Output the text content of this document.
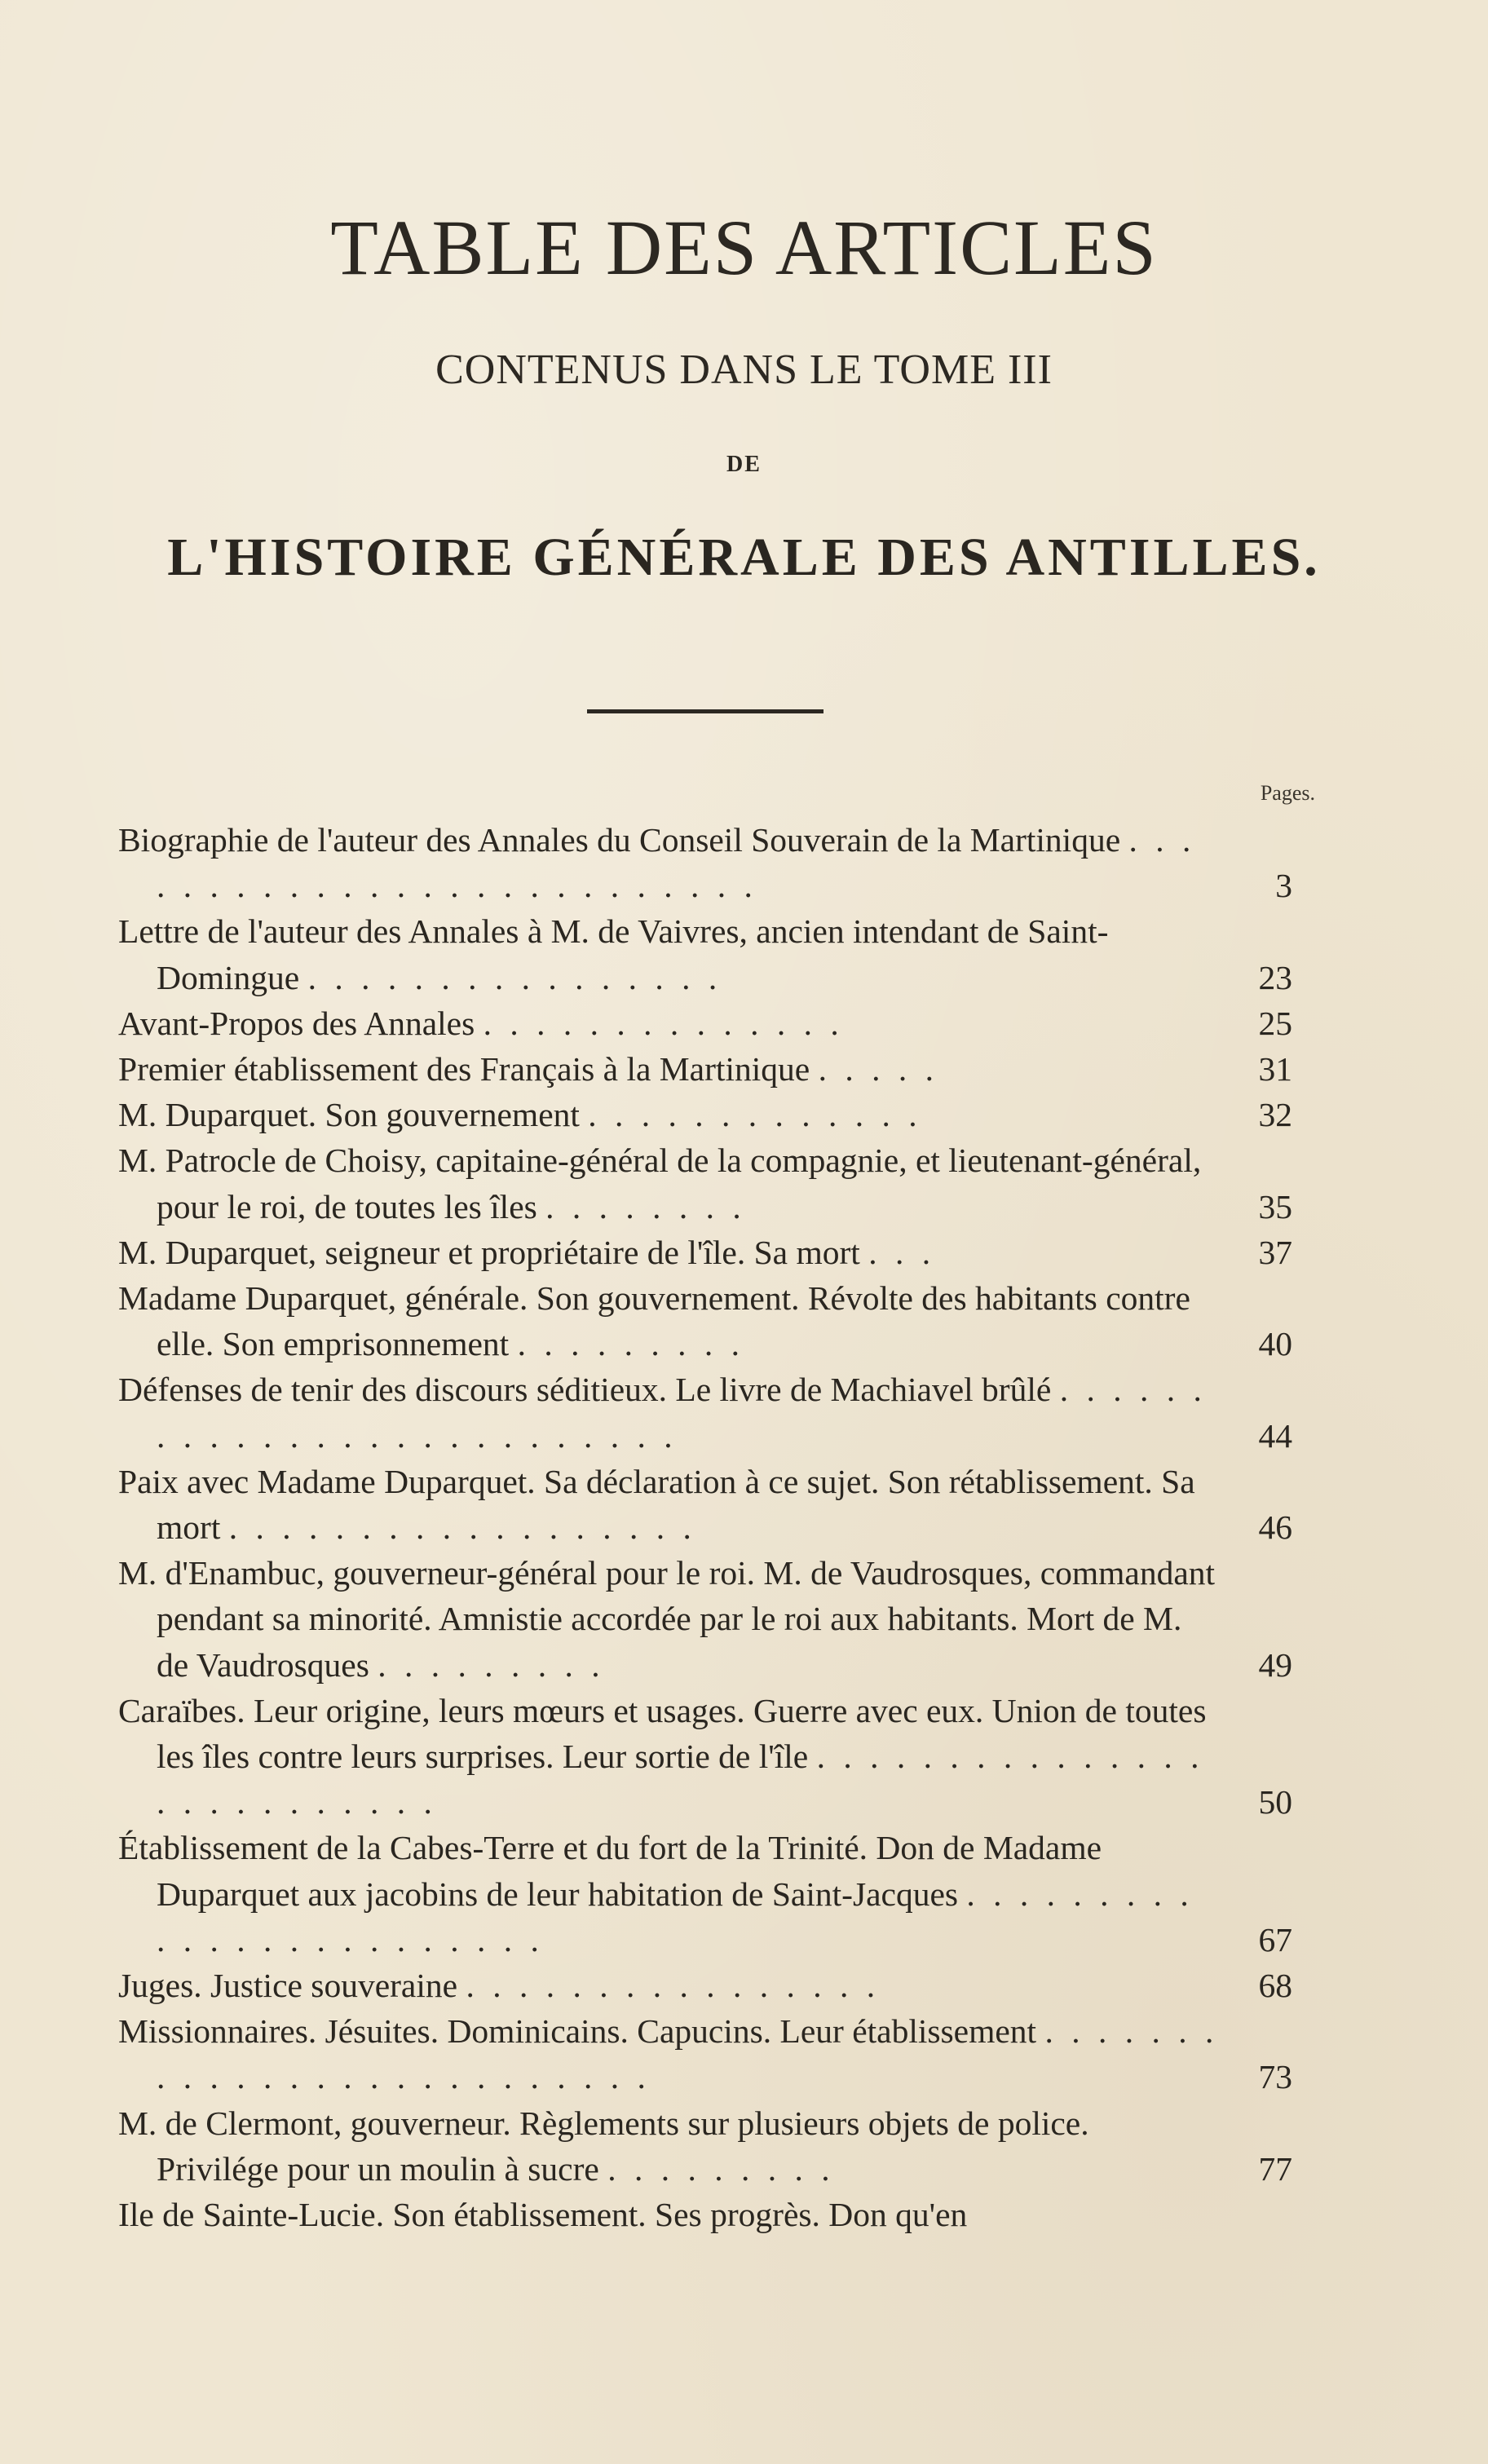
TABLE DES ARTICLES
CONTENUS DANS LE TOME III
DE
L'HISTOIRE GÉNÉRALE DES ANTILLES.
Pages.
Biographie de l'auteur des Annales du Conseil Souverain de la Martinique . . . . . . . . . . . . . . . . . . . . . . . . . .	3
Lettre de l'auteur des Annales à M. de Vaivres, ancien intendant de Saint-Domingue . . . . . . . . . . . . . . . .	23
Avant-Propos des Annales . . . . . . . . . . . . . .	25
Premier établissement des Français à la Martinique . . . . .	31
M. Duparquet. Son gouvernement . . . . . . . . . . . . .	32
M. Patrocle de Choisy, capitaine-général de la compagnie, et lieutenant-général, pour le roi, de toutes les îles . . . . . . . .	35
M. Duparquet, seigneur et propriétaire de l'île. Sa mort . . .	37
Madame Duparquet, générale. Son gouvernement. Révolte des habitants contre elle. Son emprisonnement . . . . . . . . .	40
Défenses de tenir des discours séditieux. Le livre de Machiavel brûlé . . . . . . . . . . . . . . . . . . . . . . . . . .	44
Paix avec Madame Duparquet. Sa déclaration à ce sujet. Son rétablissement. Sa mort . . . . . . . . . . . . . . . . . .	46
M. d'Enambuc, gouverneur-général pour le roi. M. de Vaudrosques, commandant pendant sa minorité. Amnistie accordée par le roi aux habitants. Mort de M. de Vaudrosques . . . . . . . . .	49
Caraïbes. Leur origine, leurs mœurs et usages. Guerre avec eux. Union de toutes les îles contre leurs surprises. Leur sortie de l'île . . . . . . . . . . . . . . . . . . . . . . . . . .	50
Établissement de la Cabes-Terre et du fort de la Trinité. Don de Madame Duparquet aux jacobins de leur habitation de Saint-Jacques . . . . . . . . . . . . . . . . . . . . . . . .	67
Juges. Justice souveraine . . . . . . . . . . . . . . . .	68
Missionnaires. Jésuites. Dominicains. Capucins. Leur établissement . . . . . . . . . . . . . . . . . . . . . . . . . .	73
M. de Clermont, gouverneur. Règlements sur plusieurs objets de police. Privilége pour un moulin à sucre . . . . . . . . .	77
Ile de Sainte-Lucie. Son établissement. Ses progrès. Don qu'en
